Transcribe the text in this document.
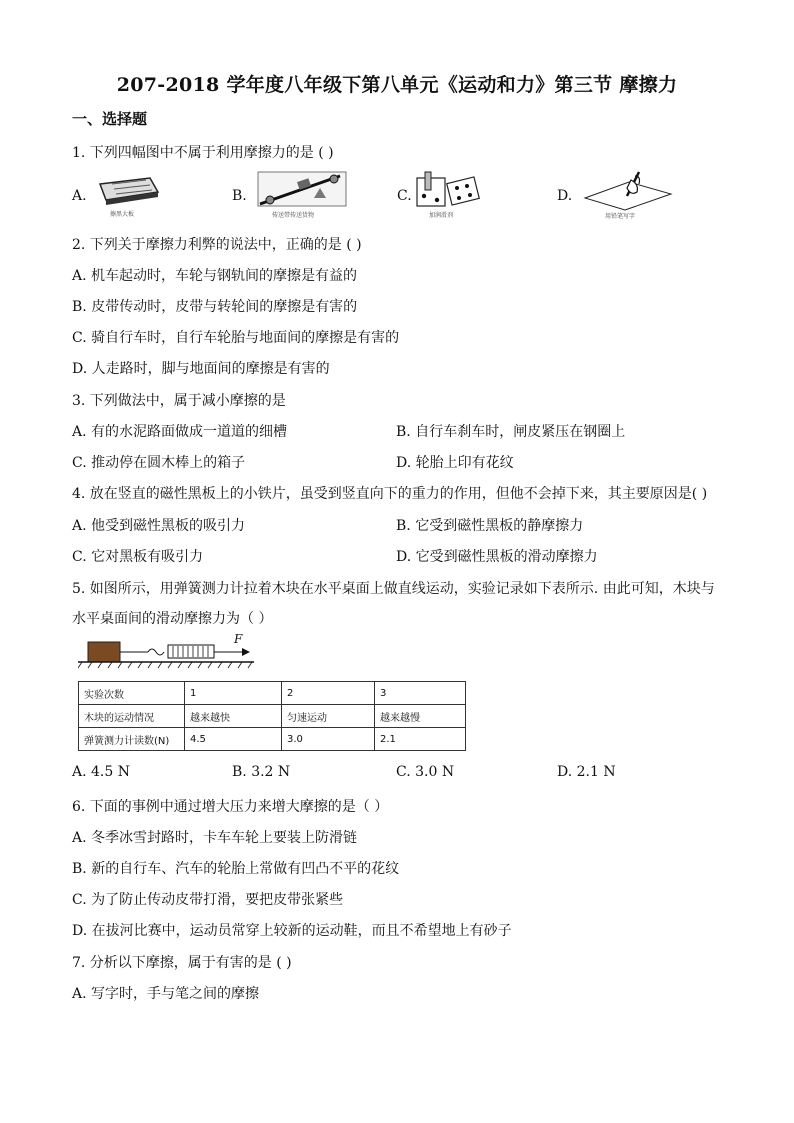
207-2018 学年度八年级下第八单元《运动和力》第三节 摩擦力
一、选择题
1. 下列四幅图中不属于利用摩擦力的是 ( )
A.
擦黑大板
B.
传送带传送货物
C.
加润滑剂
D.
用铅笔写字
2. 下列关于摩擦力利弊的说法中，正确的是 ( )
A. 机车起动时，车轮与钢轨间的摩擦是有益的
B. 皮带传动时，皮带与转轮间的摩擦是有害的
C. 骑自行车时，自行车轮胎与地面间的摩擦是有害的
D. 人走路时，脚与地面间的摩擦是有害的
3. 下列做法中，属于减小摩擦的是
A. 有的水泥路面做成一道道的细槽	B. 自行车刹车时，闸皮紧压在钢圈上
C. 推动停在圆木棒上的箱子	D. 轮胎上印有花纹
4. 放在竖直的磁性黑板上的小铁片，虽受到竖直向下的重力的作用，但他不会掉下来，其主要原因是( )
A. 他受到磁性黑板的吸引力	B. 它受到磁性黑板的静摩擦力
C. 它对黑板有吸引力	D. 它受到磁性黑板的滑动摩擦力
5. 如图所示，用弹簧测力计拉着木块在水平桌面上做直线运动，实验记录如下表所示. 由此可知，木块与
水平桌面间的滑动摩擦力为（ ）
F
实验次数	1	2	3
木块的运动情况	越来越快	匀速运动	越来越慢
弹簧测力计读数(N)	4.5	3.0	2.1
A. 4.5 N	B. 3.2 N	C. 3.0 N	D. 2.1 N
6. 下面的事例中通过增大压力来增大摩擦的是（ ）
A. 冬季冰雪封路时，卡车车轮上要装上防滑链
B. 新的自行车、汽车的轮胎上常做有凹凸不平的花纹
C. 为了防止传动皮带打滑，要把皮带张紧些
D. 在拔河比赛中，运动员常穿上较新的运动鞋，而且不希望地上有砂子
7. 分析以下摩擦，属于有害的是 ( )
A. 写字时，手与笔之间的摩擦
